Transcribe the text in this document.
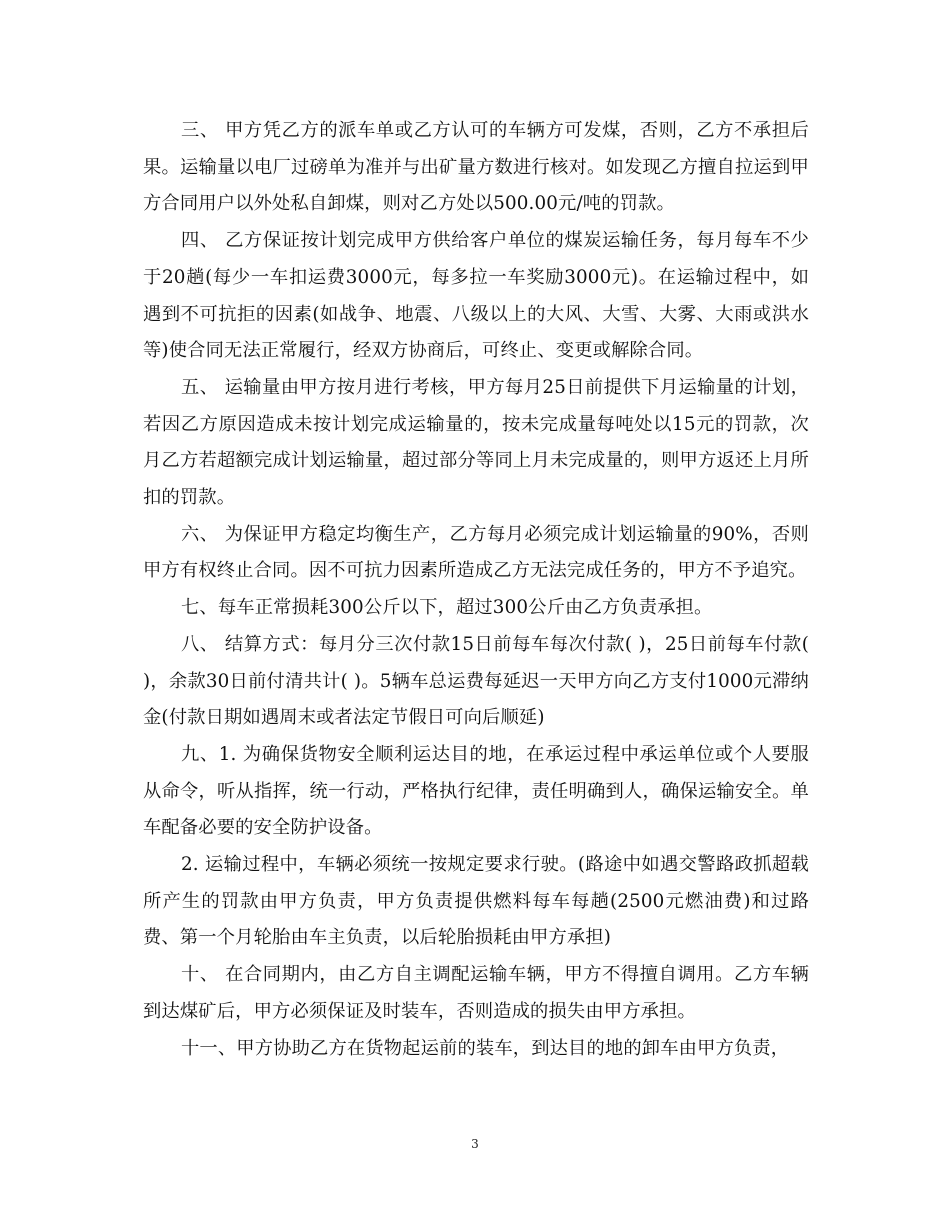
三、 甲方凭乙方的派车单或乙方认可的车辆方可发煤，否则，乙方不承担后果。运输量以电厂过磅单为准并与出矿量方数进行核对。如发现乙方擅自拉运到甲方合同用户以外处私自卸煤，则对乙方处以500.00元/吨的罚款。

四、 乙方保证按计划完成甲方供给客户单位的煤炭运输任务，每月每车不少于20趟(每少一车扣运费3000元，每多拉一车奖励3000元)。在运输过程中，如遇到不可抗拒的因素(如战争、地震、八级以上的大风、大雪、大雾、大雨或洪水等)使合同无法正常履行，经双方协商后，可终止、变更或解除合同。

五、 运输量由甲方按月进行考核，甲方每月25日前提供下月运输量的计划，若因乙方原因造成未按计划完成运输量的，按未完成量每吨处以15元的罚款，次月乙方若超额完成计划运输量，超过部分等同上月未完成量的，则甲方返还上月所扣的罚款。

六、 为保证甲方稳定均衡生产，乙方每月必须完成计划运输量的90%，否则甲方有权终止合同。因不可抗力因素所造成乙方无法完成任务的，甲方不予追究。

七、每车正常损耗300公斤以下，超过300公斤由乙方负责承担。

八、 结算方式：每月分三次付款15日前每车每次付款( )，25日前每车付款( )，余款30日前付清共计( )。5辆车总运费每延迟一天甲方向乙方支付1000元滞纳金(付款日期如遇周末或者法定节假日可向后顺延)

九、1. 为确保货物安全顺利运达目的地，在承运过程中承运单位或个人要服从命令，听从指挥，统一行动，严格执行纪律，责任明确到人，确保运输安全。单车配备必要的安全防护设备。

2. 运输过程中，车辆必须统一按规定要求行驶。(路途中如遇交警路政抓超载所产生的罚款由甲方负责，甲方负责提供燃料每车每趟(2500元燃油费)和过路费、第一个月轮胎由车主负责，以后轮胎损耗由甲方承担)

十、 在合同期内，由乙方自主调配运输车辆，甲方不得擅自调用。乙方车辆到达煤矿后，甲方必须保证及时装车，否则造成的损失由甲方承担。

十一、甲方协助乙方在货物起运前的装车，到达目的地的卸车由甲方负责，

3
